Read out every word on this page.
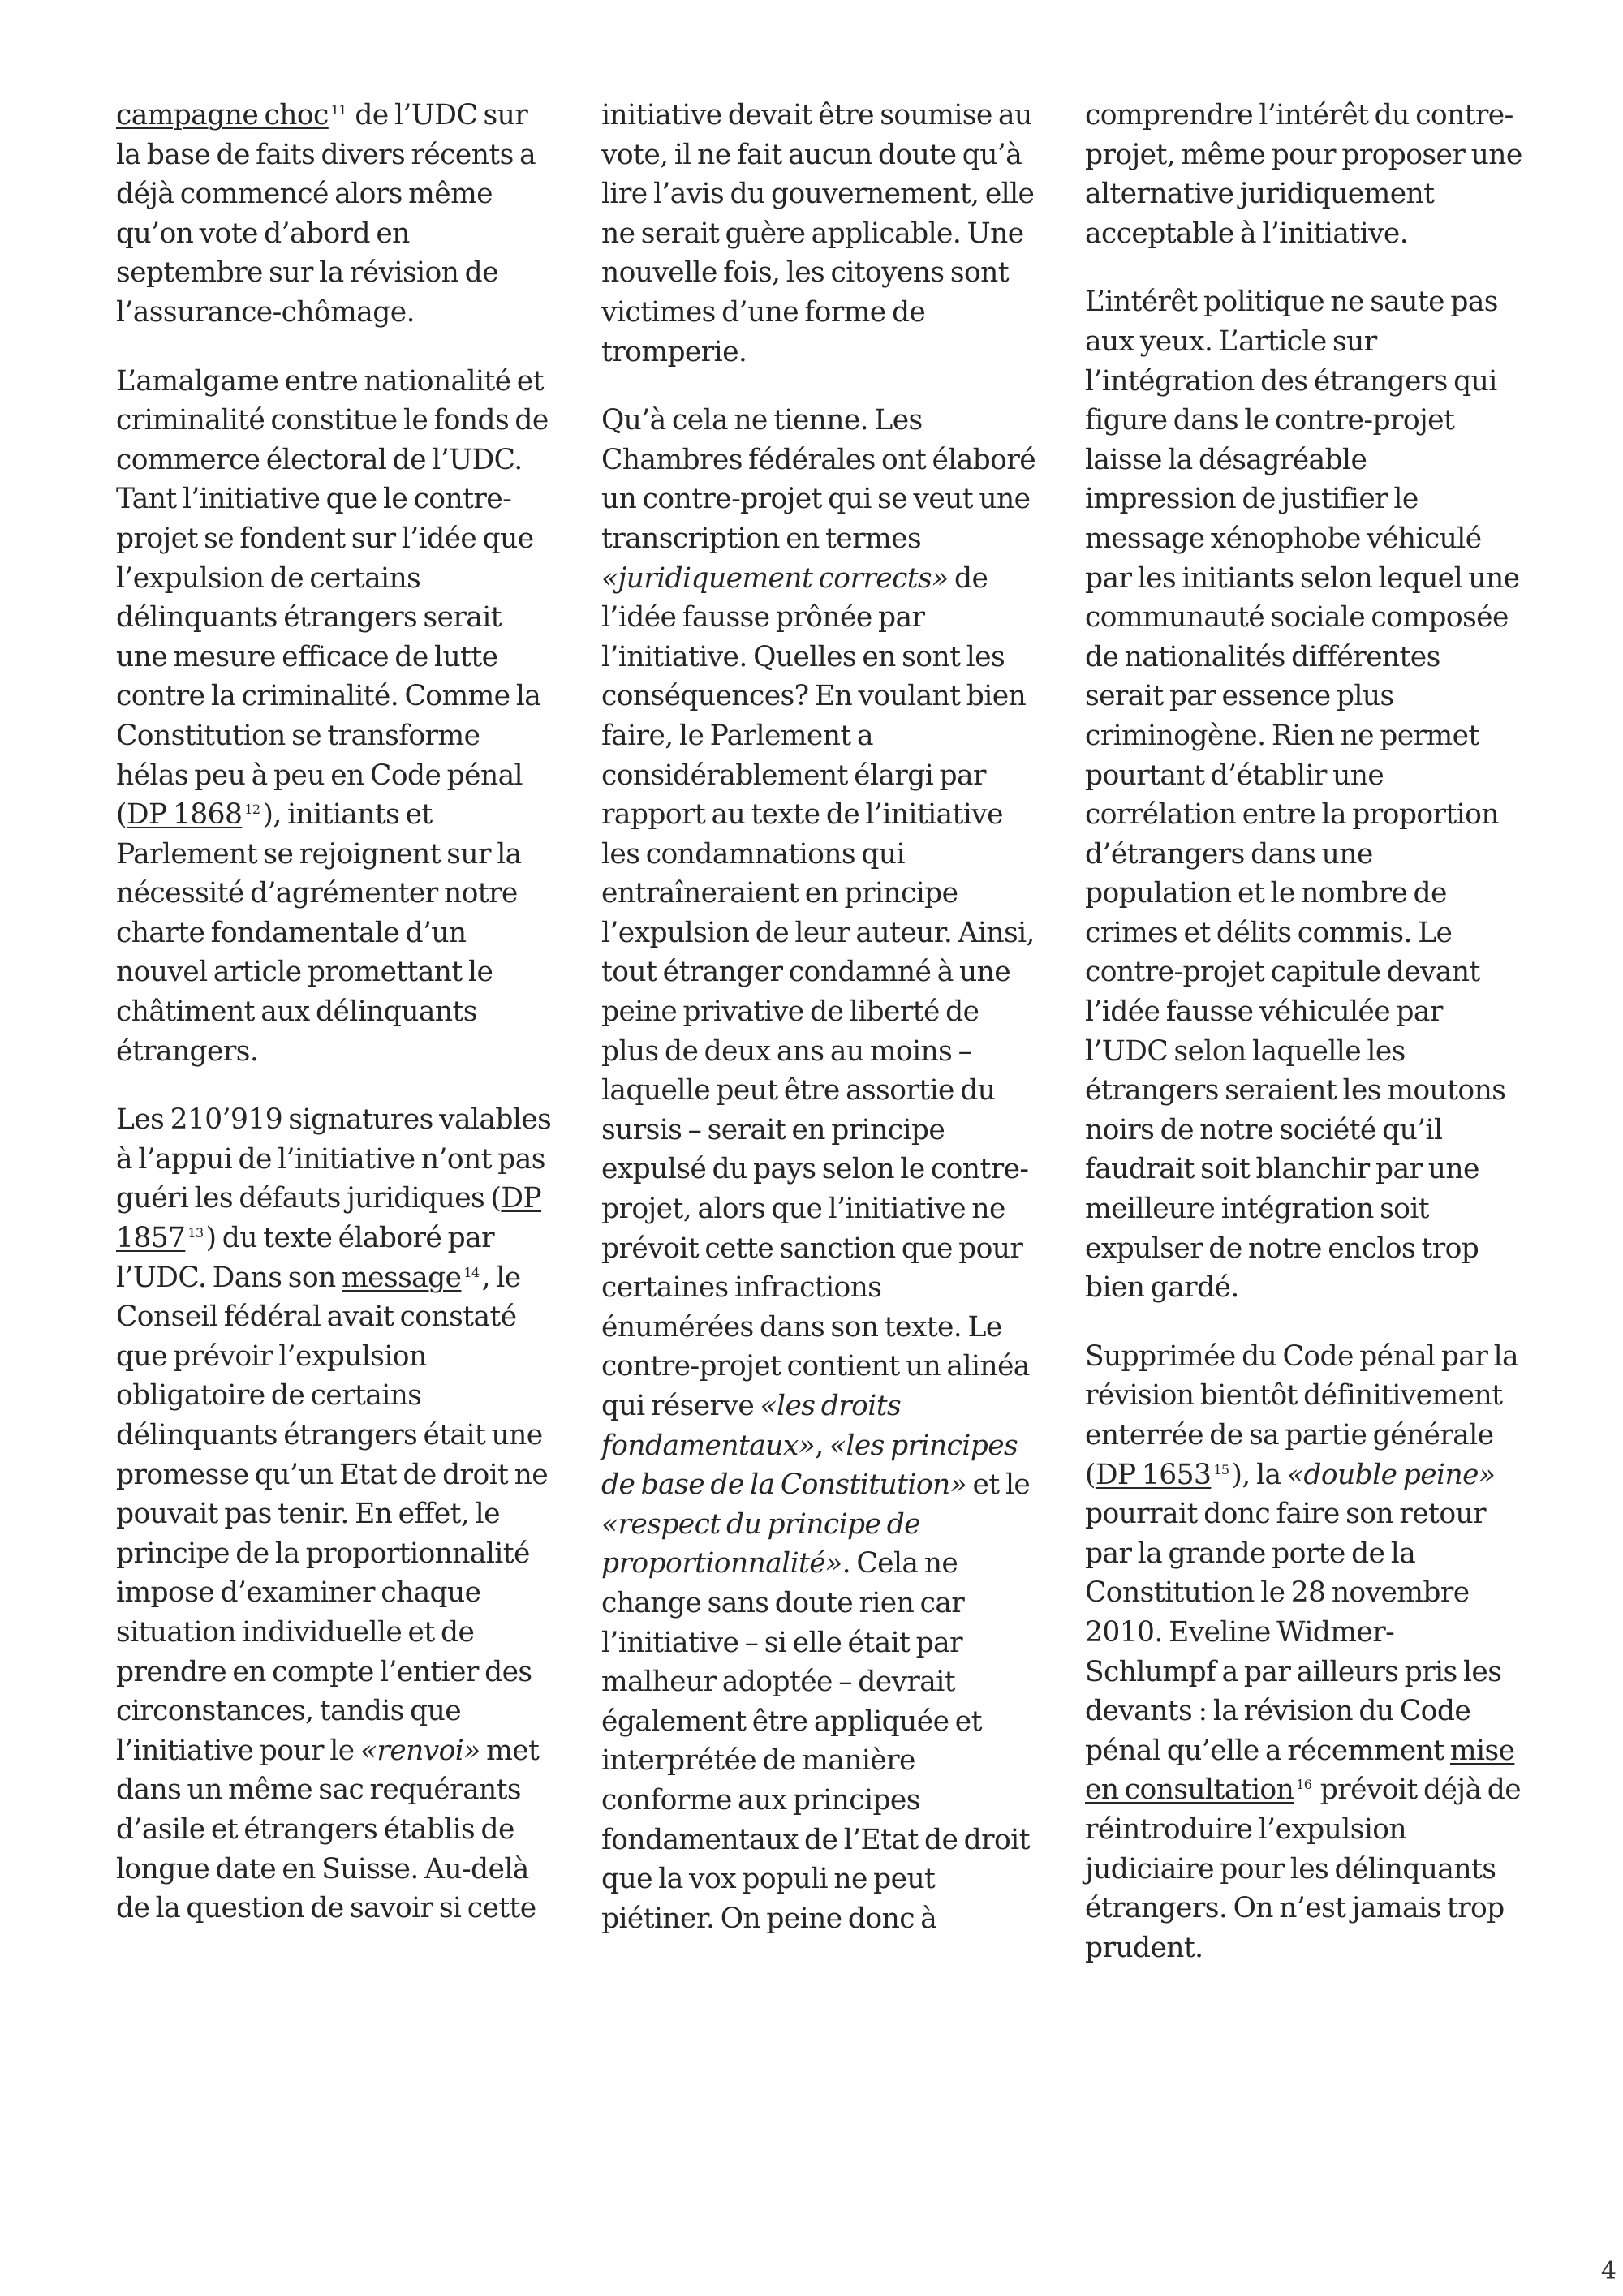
campagne choc $^{11}$ de l’UDC sur la base de faits divers récents a déjà commencé alors même qu’on vote d’abord en septembre sur la révision de l’assurance-chômage.

L’amalgame entre nationalité et criminalité constitue le fonds de commerce électoral de l’UDC. Tant l’initiative que le contre-projet se fondent sur l’idée que l’expulsion de certains délinquants étrangers serait une mesure efficace de lutte contre la criminalité. Comme la Constitution se transforme hélas peu à peu en Code pénal (DP 1868 $^{12}$), initiants et Parlement se rejoignent sur la nécessité d’agrémenter notre charte fondamentale d’un nouvel article promettant le châtiment aux délinquants étrangers.

Les 210’919 signatures valables à l’appui de l’initiative n’ont pas guéri les défauts juridiques (DP 1857 $^{13}$) du texte élaboré par l’UDC. Dans son message $^{14}$, le Conseil fédéral avait constaté que prévoir l’expulsion obligatoire de certains délinquants étrangers était une promesse qu’un Etat de droit ne pouvait pas tenir. En effet, le principe de la proportionnalité impose d’examiner chaque situation individuelle et de prendre en compte l’entier des circonstances, tandis que l’initiative pour le «renvoi» met dans un même sac requérants d’asile et étrangers établis de longue date en Suisse. Au-delà de la question de savoir si cette

initiative devait être soumise au vote, il ne fait aucun doute qu’à lire l’avis du gouvernement, elle ne serait guère applicable. Une nouvelle fois, les citoyens sont victimes d’une forme de tromperie.

Qu’à cela ne tienne. Les Chambres fédérales ont élaboré un contre-projet qui se veut une transcription en termes «juridiquement corrects» de l’idée fausse prônée par l’initiative. Quelles en sont les conséquences? En voulant bien faire, le Parlement a considérablement élargi par rapport au texte de l’initiative les condamnations qui entraîneraient en principe l’expulsion de leur auteur. Ainsi, tout étranger condamné à une peine privative de liberté de plus de deux ans au moins – laquelle peut être assortie du sursis – serait en principe expulsé du pays selon le contre-projet, alors que l’initiative ne prévoit cette sanction que pour certaines infractions énumérées dans son texte. Le contre-projet contient un alinéa qui réserve «les droits fondamentaux», «les principes de base de la Constitution» et le «respect du principe de proportionnalité». Cela ne change sans doute rien car l’initiative – si elle était par malheur adoptée – devrait également être appliquée et interprétée de manière conforme aux principes fondamentaux de l’Etat de droit que la vox populi ne peut piétiner. On peine donc à

comprendre l’intérêt du contre-projet, même pour proposer une alternative juridiquement acceptable à l’initiative.

L’intérêt politique ne saute pas aux yeux. L’article sur l’intégration des étrangers qui figure dans le contre-projet laisse la désagréable impression de justifier le message xénophobe véhiculé par les initiants selon lequel une communauté sociale composée de nationalités différentes serait par essence plus criminogène. Rien ne permet pourtant d’établir une corrélation entre la proportion d’étrangers dans une population et le nombre de crimes et délits commis. Le contre-projet capitule devant l’idée fausse véhiculée par l’UDC selon laquelle les étrangers seraient les moutons noirs de notre société qu’il faudrait soit blanchir par une meilleure intégration soit expulser de notre enclos trop bien gardé.

Supprimée du Code pénal par la révision bientôt définitivement enterrée de sa partie générale (DP 1653 $^{15}$), la «double peine» pourrait donc faire son retour par la grande porte de la Constitution le 28 novembre 2010. Eveline Widmer-Schlumpf a par ailleurs pris les devants : la révision du Code pénal qu’elle a récemment mise en consultation $^{16}$ prévoit déjà de réintroduire l’expulsion judiciaire pour les délinquants étrangers. On n’est jamais trop prudent.

4
